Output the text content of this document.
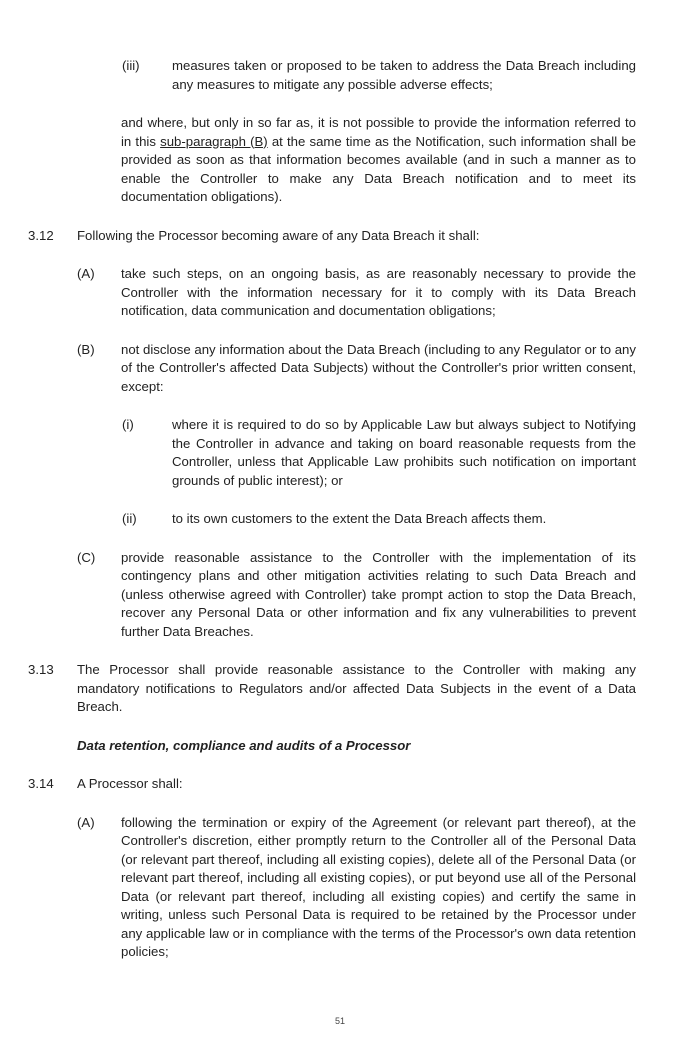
(iii)	measures taken or proposed to be taken to address the Data Breach including any measures to mitigate any possible adverse effects;
and where, but only in so far as, it is not possible to provide the information referred to in this sub-paragraph (B) at the same time as the Notification, such information shall be provided as soon as that information becomes available (and in such a manner as to enable the Controller to make any Data Breach notification and to meet its documentation obligations).
3.12	Following the Processor becoming aware of any Data Breach it shall:
(A)	take such steps, on an ongoing basis, as are reasonably necessary to provide the Controller with the information necessary for it to comply with its Data Breach notification, data communication and documentation obligations;
(B)	not disclose any information about the Data Breach (including to any Regulator or to any of the Controller's affected Data Subjects) without the Controller's prior written consent, except:
(i)	where it is required to do so by Applicable Law but always subject to Notifying the Controller in advance and taking on board reasonable requests from the Controller, unless that Applicable Law prohibits such notification on important grounds of public interest); or
(ii)	to its own customers to the extent the Data Breach affects them.
(C)	provide reasonable assistance to the Controller with the implementation of its contingency plans and other mitigation activities relating to such Data Breach and (unless otherwise agreed with Controller) take prompt action to stop the Data Breach, recover any Personal Data or other information and fix any vulnerabilities to prevent further Data Breaches.
3.13	The Processor shall provide reasonable assistance to the Controller with making any mandatory notifications to Regulators and/or affected Data Subjects in the event of a Data Breach.
Data retention, compliance and audits of a Processor
3.14	A Processor shall:
(A)	following the termination or expiry of the Agreement (or relevant part thereof), at the Controller's discretion, either promptly return to the Controller all of the Personal Data (or relevant part thereof, including all existing copies), delete all of the Personal Data (or relevant part thereof, including all existing copies), or put beyond use all of the Personal Data (or relevant part thereof, including all existing copies) and certify the same in writing, unless such Personal Data is required to be retained by the Processor under any applicable law or in compliance with the terms of the Processor's own data retention policies;
51
